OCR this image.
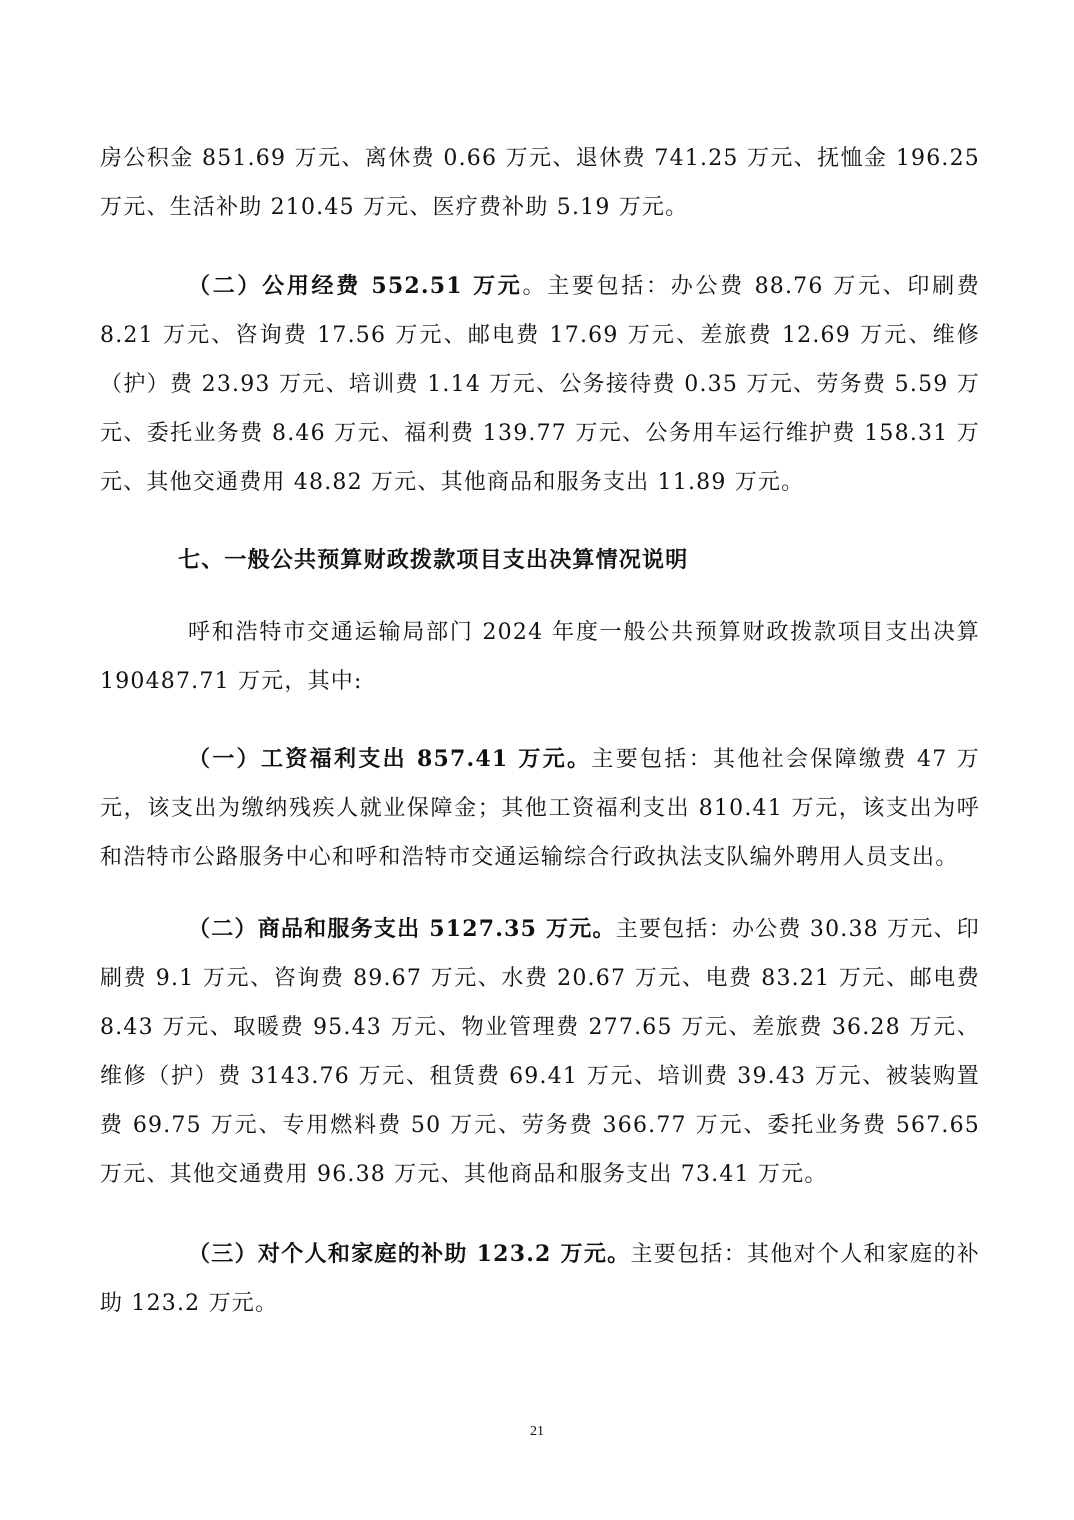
房公积金 851.69 万元、离休费 0.66 万元、退休费 741.25 万元、抚恤金 196.25 万元、生活补助 210.45 万元、医疗费补助 5.19 万元。

（二）公用经费 552.51 万元。主要包括：办公费 88.76 万元、印刷费 8.21 万元、咨询费 17.56 万元、邮电费 17.69 万元、差旅费 12.69 万元、维修（护）费 23.93 万元、培训费 1.14 万元、公务接待费 0.35 万元、劳务费 5.59 万元、委托业务费 8.46 万元、福利费 139.77 万元、公务用车运行维护费 158.31 万元、其他交通费用 48.82 万元、其他商品和服务支出 11.89 万元。

七、一般公共预算财政拨款项目支出决算情况说明

呼和浩特市交通运输局部门 2024 年度一般公共预算财政拨款项目支出决算 190487.71 万元，其中:

（一）工资福利支出 857.41 万元。主要包括：其他社会保障缴费 47 万元，该支出为缴纳残疾人就业保障金；其他工资福利支出 810.41 万元，该支出为呼和浩特市公路服务中心和呼和浩特市交通运输综合行政执法支队编外聘用人员支出。

（二）商品和服务支出 5127.35 万元。主要包括：办公费 30.38 万元、印刷费 9.1 万元、咨询费 89.67 万元、水费 20.67 万元、电费 83.21 万元、邮电费 8.43 万元、取暖费 95.43 万元、物业管理费 277.65 万元、差旅费 36.28 万元、维修（护）费 3143.76 万元、租赁费 69.41 万元、培训费 39.43 万元、被装购置费 69.75 万元、专用燃料费 50 万元、劳务费 366.77 万元、委托业务费 567.65 万元、其他交通费用 96.38 万元、其他商品和服务支出 73.41 万元。

（三）对个人和家庭的补助 123.2 万元。主要包括：其他对个人和家庭的补助 123.2 万元。

21
